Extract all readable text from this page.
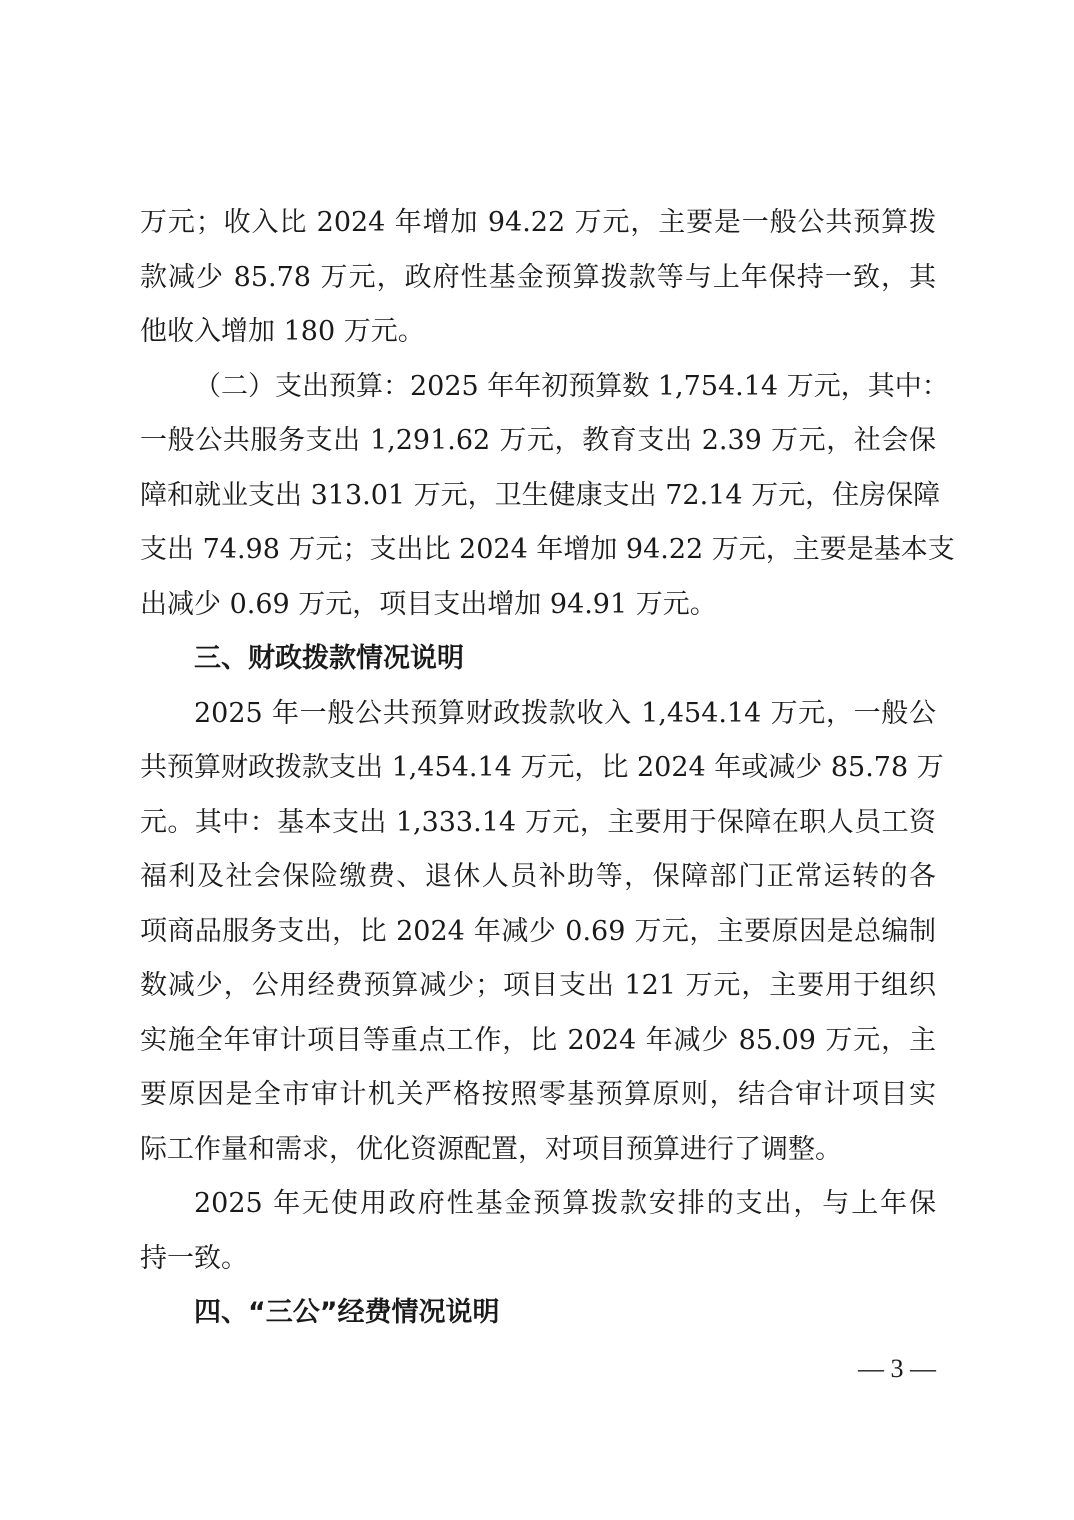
万元；收入比 2024 年增加 94.22 万元，主要是一般公共预算拨
款减少 85.78 万元，政府性基金预算拨款等与上年保持一致，其
他收入增加 180 万元。
（二）支出预算：2025 年年初预算数 1,754.14 万元，其中：
一般公共服务支出 1,291.62 万元，教育支出 2.39 万元，社会保
障和就业支出 313.01 万元，卫生健康支出 72.14 万元，住房保障
支出 74.98 万元；支出比 2024 年增加 94.22 万元，主要是基本支
出减少 0.69 万元，项目支出增加 94.91 万元。
三、财政拨款情况说明
2025 年一般公共预算财政拨款收入 1,454.14 万元，一般公
共预算财政拨款支出 1,454.14 万元，比 2024 年或减少 85.78 万
元。其中：基本支出 1,333.14 万元，主要用于保障在职人员工资
福利及社会保险缴费、退休人员补助等，保障部门正常运转的各
项商品服务支出，比 2024 年减少 0.69 万元，主要原因是总编制
数减少，公用经费预算减少；项目支出 121 万元，主要用于组织
实施全年审计项目等重点工作，比 2024 年减少 85.09 万元，主
要原因是全市审计机关严格按照零基预算原则，结合审计项目实
际工作量和需求，优化资源配置，对项目预算进行了调整。
2025 年无使用政府性基金预算拨款安排的支出，与上年保
持一致。
四、“三公”经费情况说明
— 3 —
